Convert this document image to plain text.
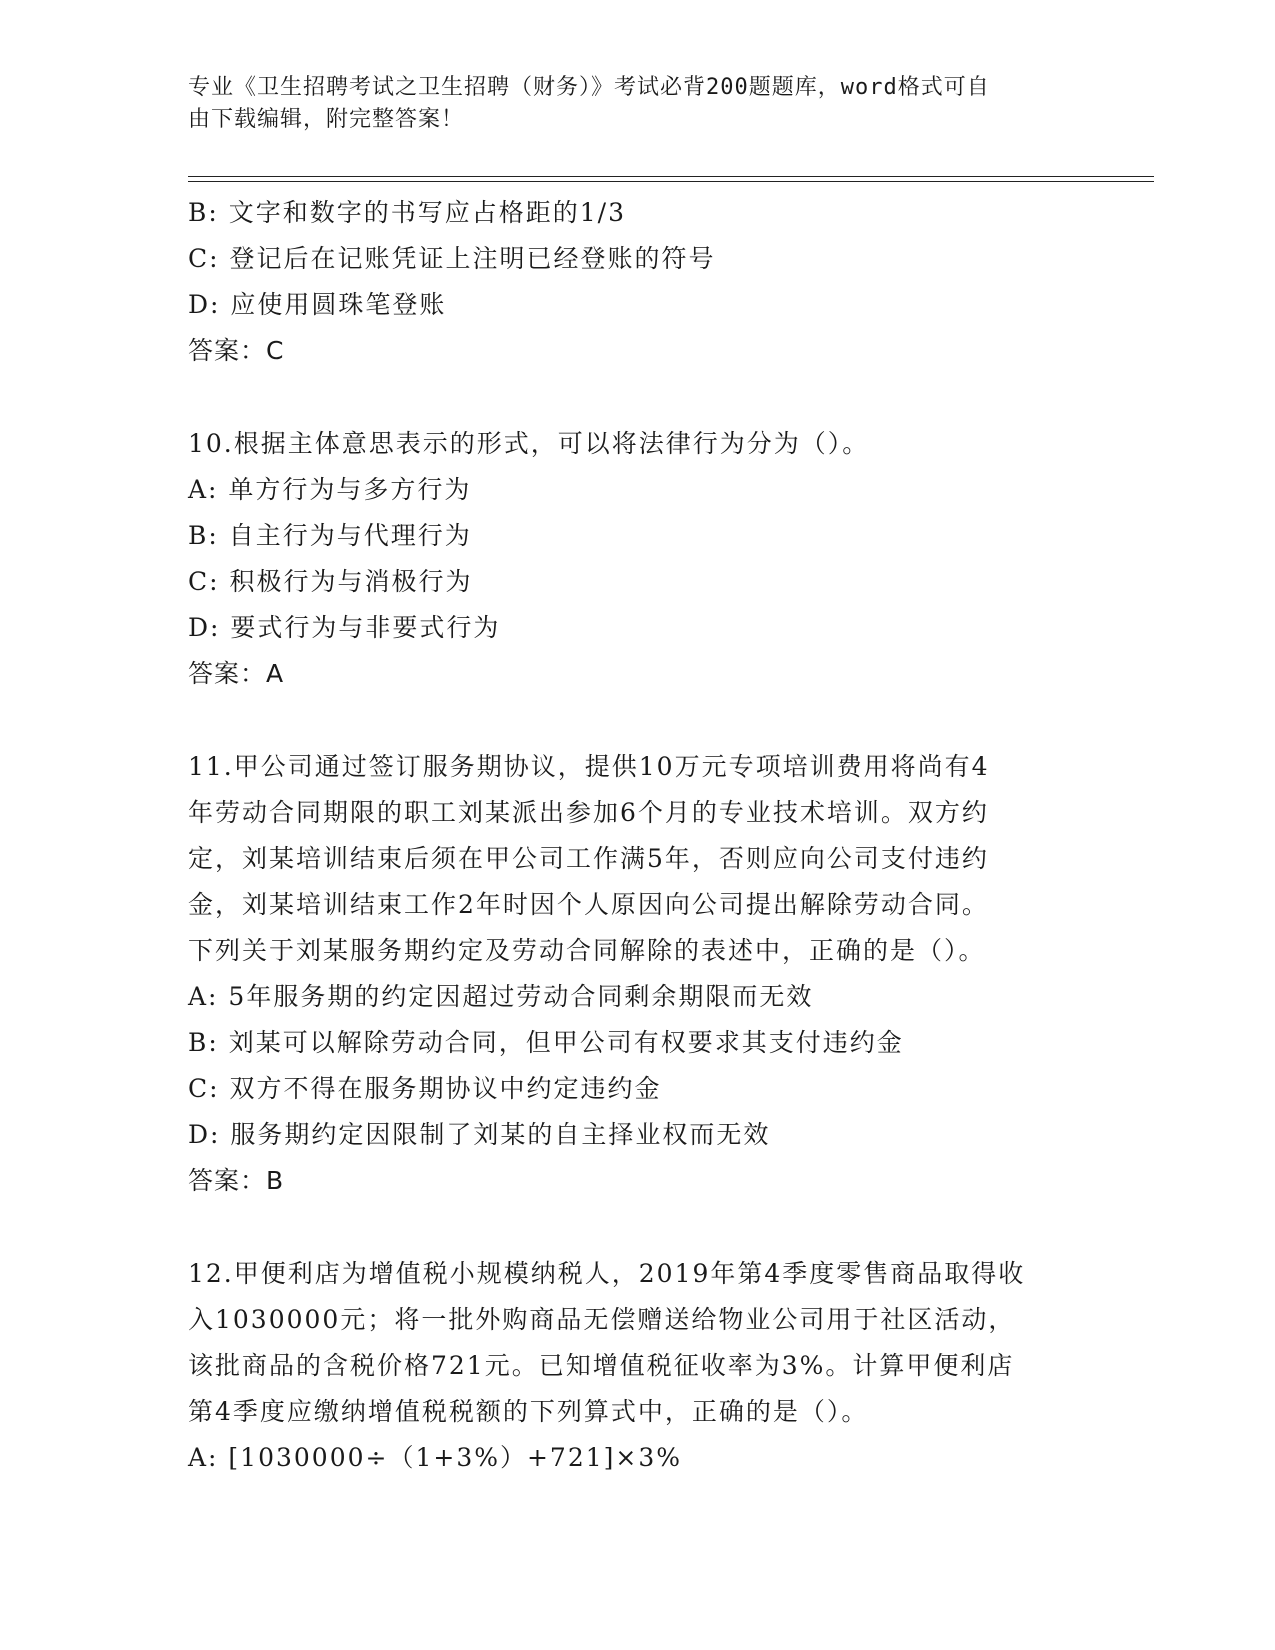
专业《卫生招聘考试之卫生招聘（财务）》考试必背200题题库，word格式可自
由下载编辑，附完整答案！
B: 文字和数字的书写应占格距的1/3
C: 登记后在记账凭证上注明已经登账的符号
D: 应使用圆珠笔登账
答案：C
10.根据主体意思表示的形式，可以将法律行为分为（）。
A: 单方行为与多方行为
B: 自主行为与代理行为
C: 积极行为与消极行为
D: 要式行为与非要式行为
答案：A
11.甲公司通过签订服务期协议，提供10万元专项培训费用将尚有4
年劳动合同期限的职工刘某派出参加6个月的专业技术培训。双方约
定，刘某培训结束后须在甲公司工作满5年，否则应向公司支付违约
金，刘某培训结束工作2年时因个人原因向公司提出解除劳动合同。
下列关于刘某服务期约定及劳动合同解除的表述中，正确的是（）。
A: 5年服务期的约定因超过劳动合同剩余期限而无效
B: 刘某可以解除劳动合同，但甲公司有权要求其支付违约金
C: 双方不得在服务期协议中约定违约金
D: 服务期约定因限制了刘某的自主择业权而无效
答案：B
12.甲便利店为增值税小规模纳税人，2019年第4季度零售商品取得收
入1030000元；将一批外购商品无偿赠送给物业公司用于社区活动，
该批商品的含税价格721元。已知增值税征收率为3%。计算甲便利店
第4季度应缴纳增值税税额的下列算式中，正确的是（）。
A: [1030000÷（1+3%）+721]×3%
